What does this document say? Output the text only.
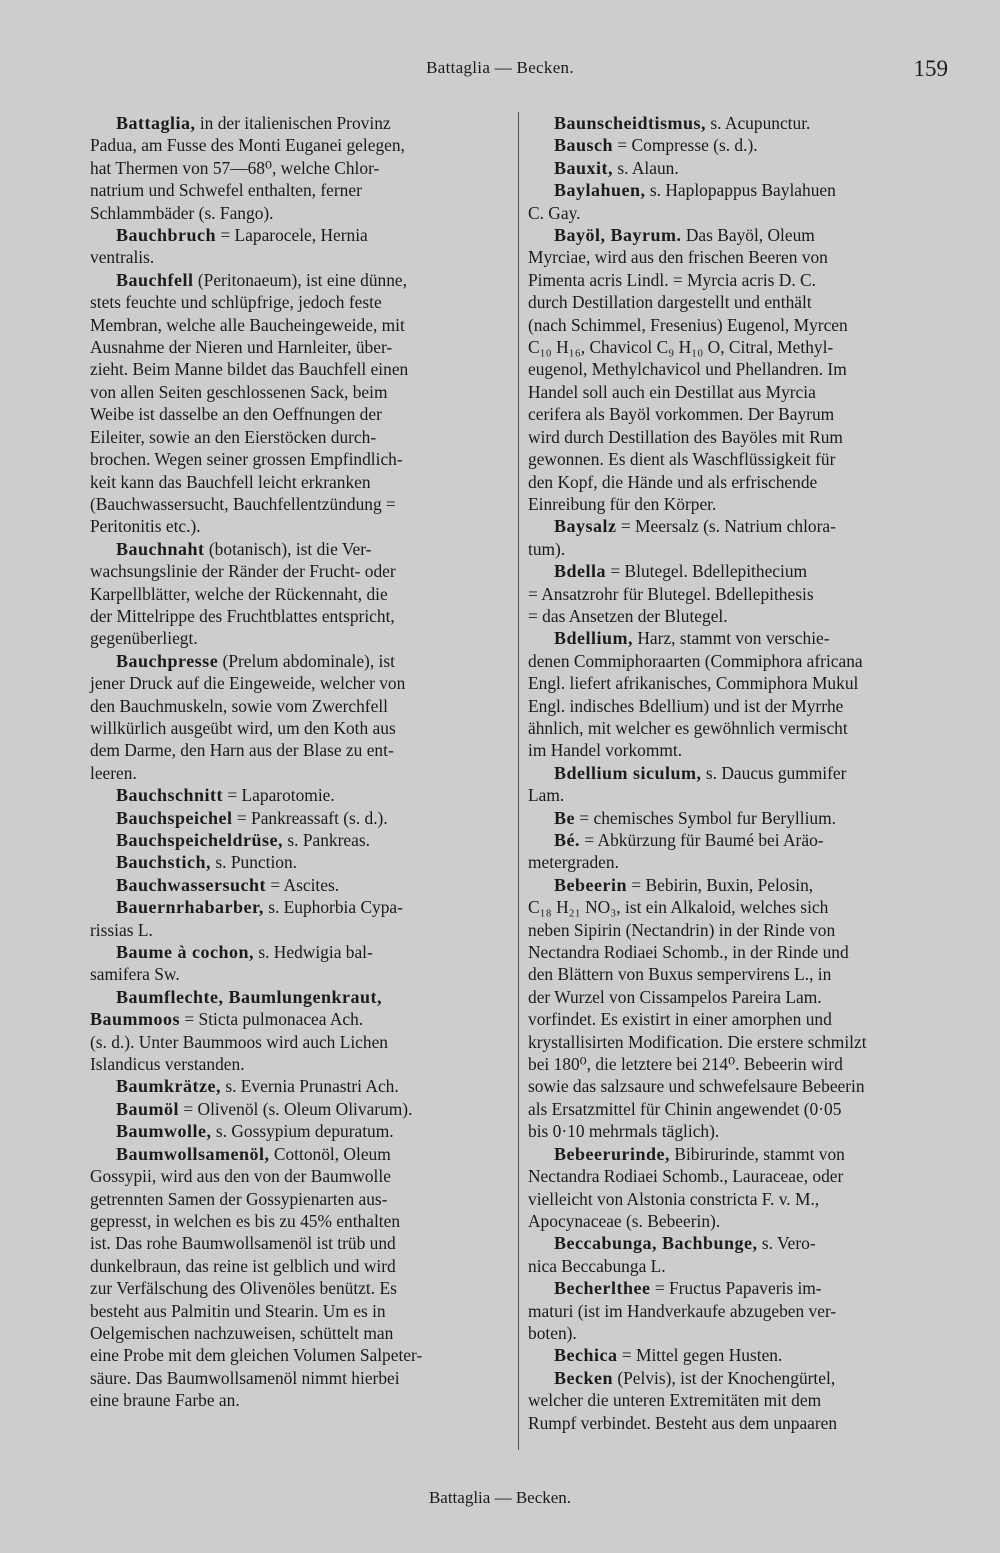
Battaglia — Becken.	159

Battaglia, in der italienischen Provinz
Padua, am Fusse des Monti Euganei gelegen,
hat Thermen von 57—68⁰, welche Chlor-
natrium und Schwefel enthalten, ferner
Schlammbäder (s. Fango).

Bauchbruch = Laparocele, Hernia
ventralis.

Bauchfell (Peritonaeum), ist eine dünne,
stets feuchte und schlüpfrige, jedoch feste
Membran, welche alle Baucheingeweide, mit
Ausnahme der Nieren und Harnleiter, über-
zieht. Beim Manne bildet das Bauchfell einen
von allen Seiten geschlossenen Sack, beim
Weibe ist dasselbe an den Oeffnungen der
Eileiter, sowie an den Eierstöcken durch-
brochen. Wegen seiner grossen Empfindlich-
keit kann das Bauchfell leicht erkranken
(Bauchwassersucht, Bauchfellentzündung =
Peritonitis etc.).

Bauchnaht (botanisch), ist die Ver-
wachsungslinie der Ränder der Frucht- oder
Karpellblätter, welche der Rückennaht, die
der Mittelrippe des Fruchtblattes entspricht,
gegenüberliegt.

Bauchpresse (Prelum abdominale), ist
jener Druck auf die Eingeweide, welcher von
den Bauchmuskeln, sowie vom Zwerchfell
willkürlich ausgeübt wird, um den Koth aus
dem Darme, den Harn aus der Blase zu ent-
leeren.

Bauchschnitt = Laparotomie.

Bauchspeichel = Pankreassaft (s. d.).

Bauchspeicheldrüse, s. Pankreas.

Bauchstich, s. Punction.

Bauchwassersucht = Ascites.

Bauernrhabarber, s. Euphorbia Cypa-
rissias L.

Baume à cochon, s. Hedwigia bal-
samifera Sw.

Baumflechte, Baumlungenkraut,
Baummoos = Sticta pulmonacea Ach.
(s. d.). Unter Baummoos wird auch Lichen
Islandicus verstanden.

Baumkrätze, s. Evernia Prunastri Ach.

Baumöl = Olivenöl (s. Oleum Olivarum).

Baumwolle, s. Gossypium depuratum.

Baumwollsamenöl, Cottonöl, Oleum
Gossypii, wird aus den von der Baumwolle
getrennten Samen der Gossypienarten aus-
gepresst, in welchen es bis zu 45% enthalten
ist. Das rohe Baumwollsamenöl ist trüb und
dunkelbraun, das reine ist gelblich und wird
zur Verfälschung des Olivenöles benützt. Es
besteht aus Palmitin und Stearin. Um es in
Oelgemischen nachzuweisen, schüttelt man
eine Probe mit dem gleichen Volumen Salpeter-
säure. Das Baumwollsamenöl nimmt hierbei
eine braune Farbe an.

Baunscheidtismus, s. Acupunctur.

Bausch = Compresse (s. d.).

Bauxit, s. Alaun.

Baylahuen, s. Haplopappus Baylahuen
C. Gay.

Bayöl, Bayrum. Das Bayöl, Oleum
Myrciae, wird aus den frischen Beeren von
Pimenta acris Lindl. = Myrcia acris D. C.
durch Destillation dargestellt und enthält
(nach Schimmel, Fresenius) Eugenol, Myrcen
C₁₀ H₁₆, Chavicol C₉ H₁₀ O, Citral, Methyl-
eugenol, Methylchavicol und Phellandren. Im
Handel soll auch ein Destillat aus Myrcia
cerifera als Bayöl vorkommen. Der Bayrum
wird durch Destillation des Bayöles mit Rum
gewonnen. Es dient als Waschflüssigkeit für
den Kopf, die Hände und als erfrischende
Einreibung für den Körper.

Baysalz = Meersalz (s. Natrium chlora-
tum).

Bdella = Blutegel. Bdellepithecium
= Ansatzrohr für Blutegel. Bdellepithesis
= das Ansetzen der Blutegel.

Bdellium, Harz, stammt von verschie-
denen Commiphoraarten (Commiphora africana
Engl. liefert afrikanisches, Commiphora Mukul
Engl. indisches Bdellium) und ist der Myrrhe
ähnlich, mit welcher es gewöhnlich vermischt
im Handel vorkommt.

Bdellium siculum, s. Daucus gummifer
Lam.

Be = chemisches Symbol fur Beryllium.

Bé. = Abkürzung für Baumé bei Aräo-
metergraden.

Bebeerin = Bebirin, Buxin, Pelosin,
C₁₈ H₂₁ NO₃, ist ein Alkaloid, welches sich
neben Sipirin (Nectandrin) in der Rinde von
Nectandra Rodiaei Schomb., in der Rinde und
den Blättern von Buxus sempervirens L., in
der Wurzel von Cissampelos Pareira Lam.
vorfindet. Es existirt in einer amorphen und
krystallisirten Modification. Die erstere schmilzt
bei 180⁰, die letztere bei 214⁰. Bebeerin wird
sowie das salzsaure und schwefelsaure Bebeerin
als Ersatzmittel für Chinin angewendet (0·05
bis 0·10 mehrmals täglich).

Bebeerurinde, Bibirurinde, stammt von
Nectandra Rodiaei Schomb., Lauraceae, oder
vielleicht von Alstonia constricta F. v. M.,
Apocynaceae (s. Bebeerin).

Beccabunga, Bachbunge, s. Vero-
nica Beccabunga L.

Becherlthee = Fructus Papaveris im-
maturi (ist im Handverkaufe abzugeben ver-
boten).

Bechica = Mittel gegen Husten.

Becken (Pelvis), ist der Knochengürtel,
welcher die unteren Extremitäten mit dem
Rumpf verbindet. Besteht aus dem unpaaren

Battaglia — Becken.
